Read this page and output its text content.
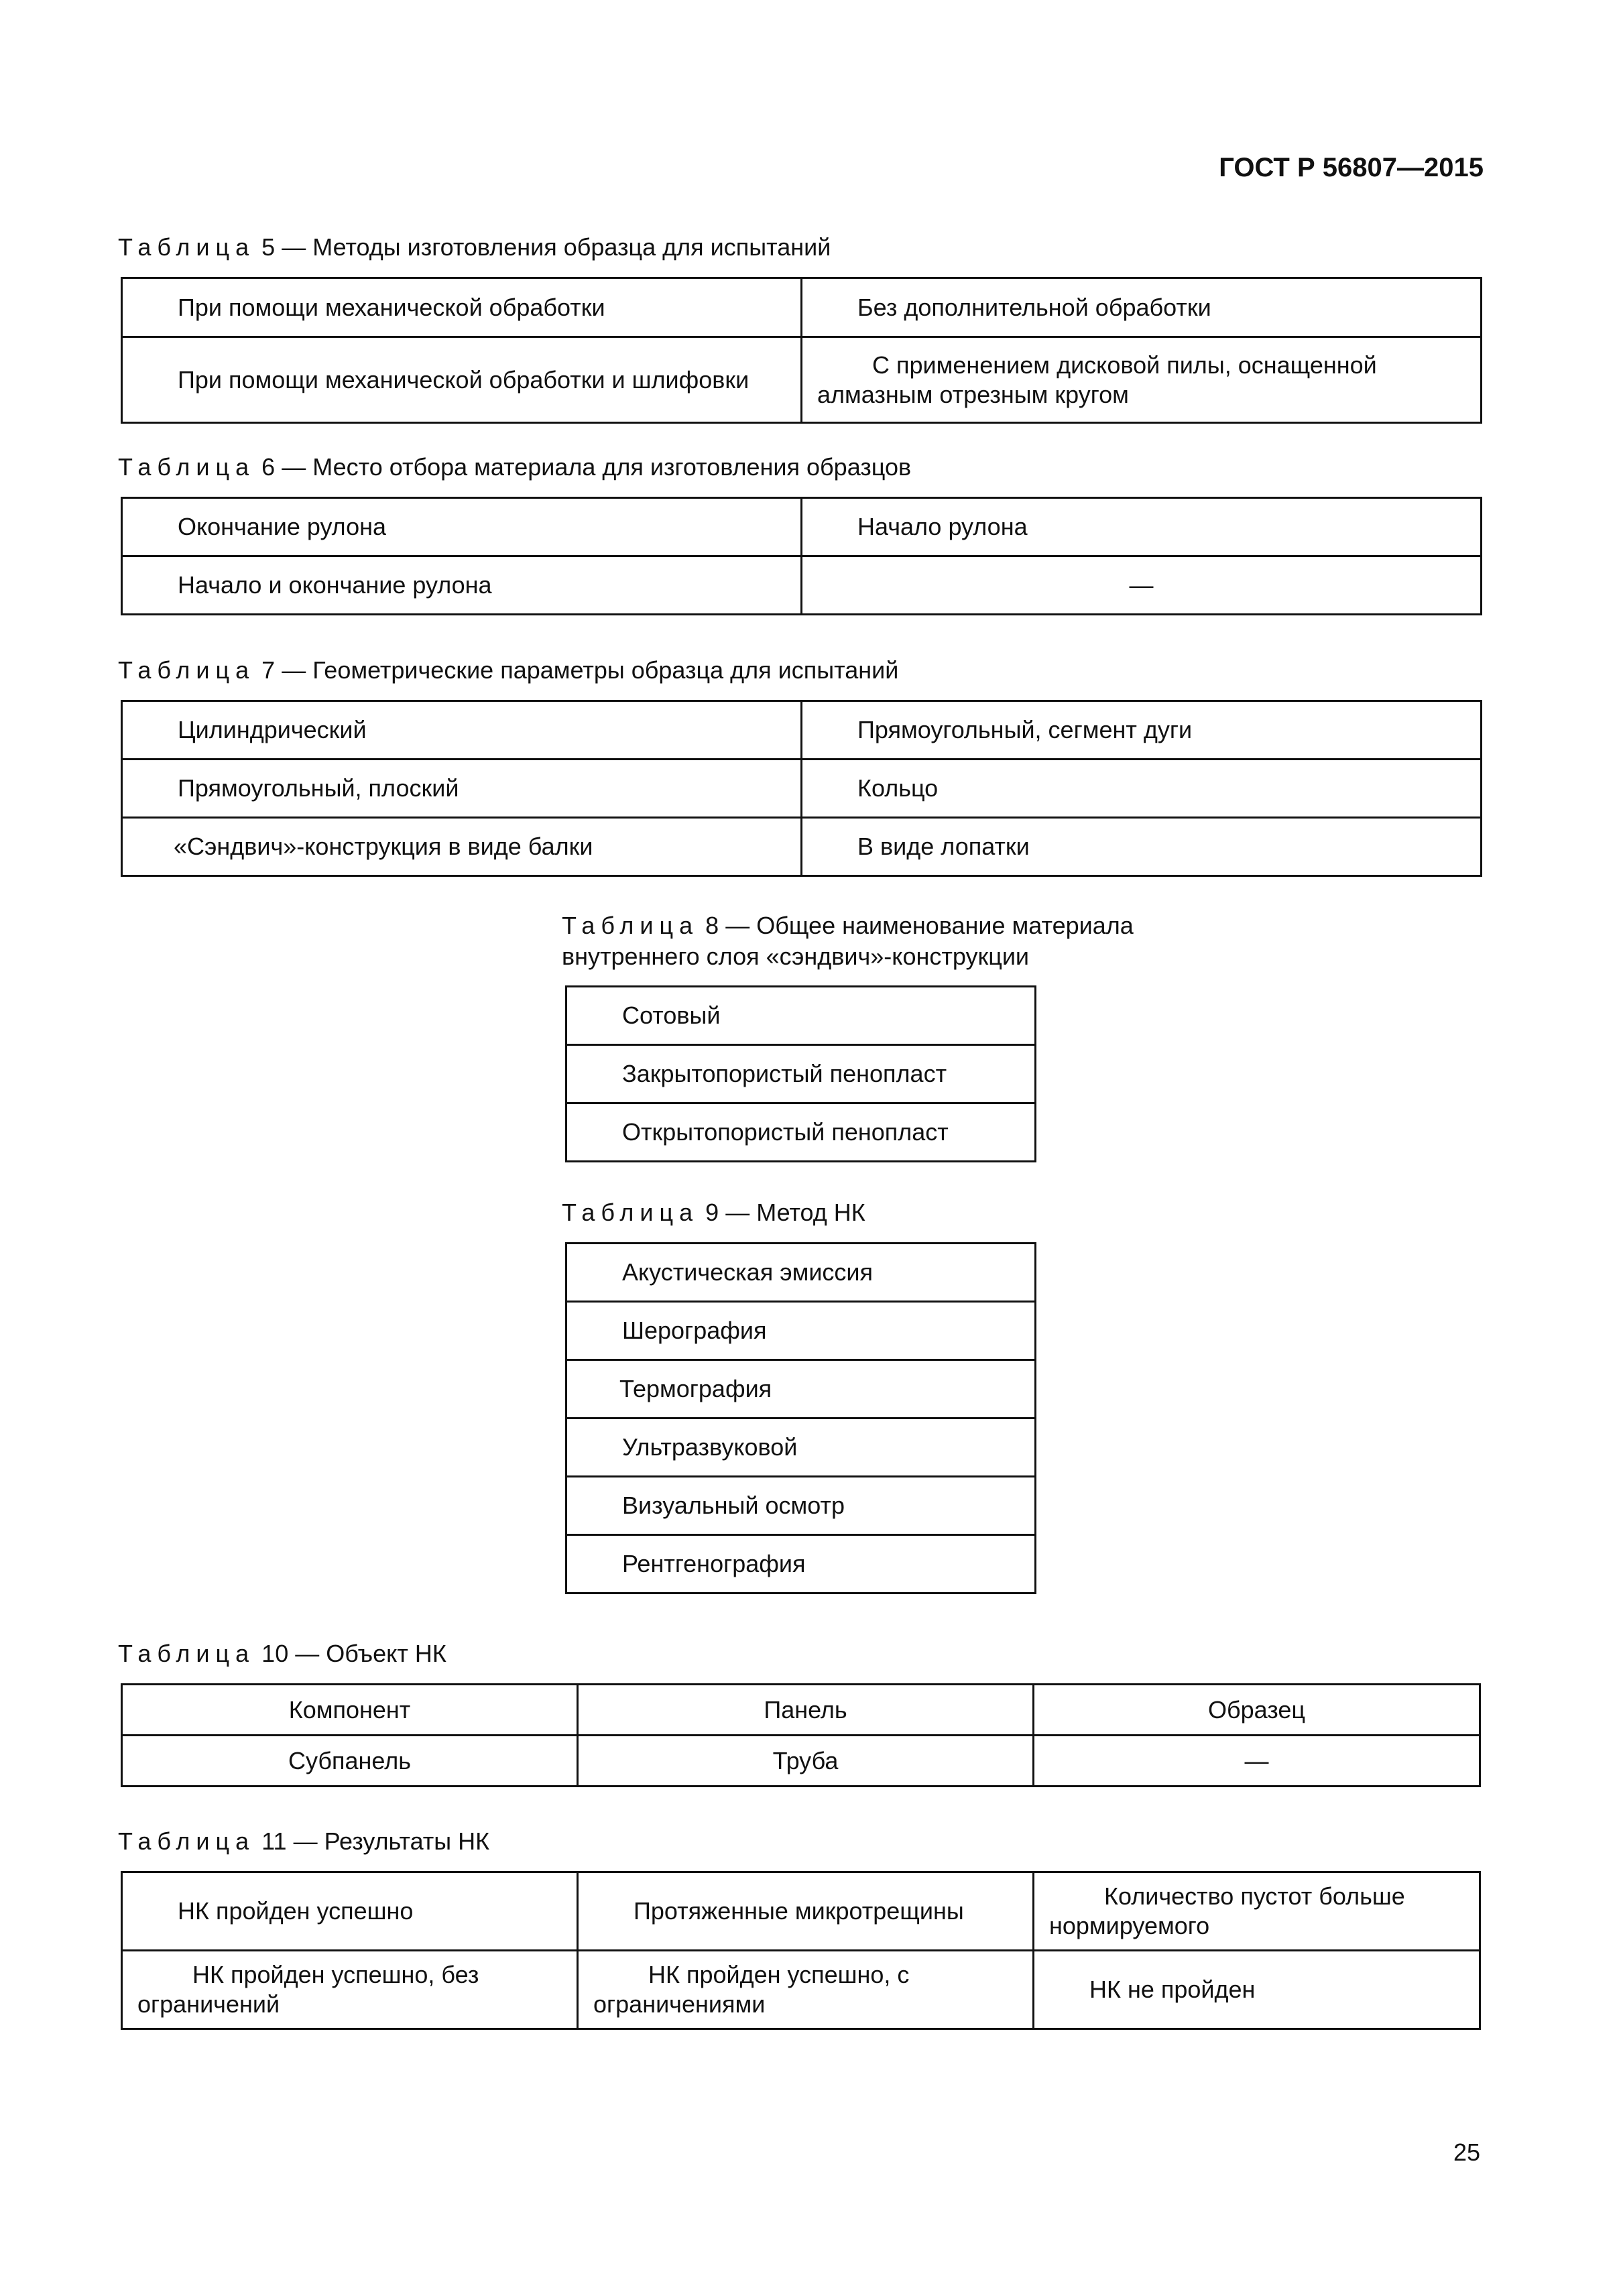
ГОСТ Р 56807—2015
Таблица 5 — Методы изготовления образца для испытаний
При помощи механической обработки	Без дополнительной обработки
При помощи механической обработки и шлифовки	С применением дисковой пилы, оснащенной алмазным отрезным кругом
Таблица 6 — Место отбора материала для изготовления образцов
Окончание рулона	Начало рулона
Начало и окончание рулона	—
Таблица 7 — Геометрические параметры образца для испытаний
Цилиндрический	Прямоугольный, сегмент дуги
Прямоугольный, плоский	Кольцо
«Сэндвич»-конструкция в виде балки	В виде лопатки
Таблица 8 — Общее наименование материала
внутреннего слоя «сэндвич»-конструкции
Сотовый
Закрытопористый пенопласт
Открытопористый пенопласт
Таблица 9 — Метод НК
Акустическая эмиссия
Шерография
Термография
Ультразвуковой
Визуальный осмотр
Рентгенография
Таблица 10 — Объект НК
Компонент	Панель	Образец
Субпанель	Труба	—
Таблица 11 — Результаты НК
НК пройден успешно	Протяженные микротрещины	Количество пустот больше нормируемого
НК пройден успешно, без ограничений	НК пройден успешно, с ограничениями	НК не пройден
25
